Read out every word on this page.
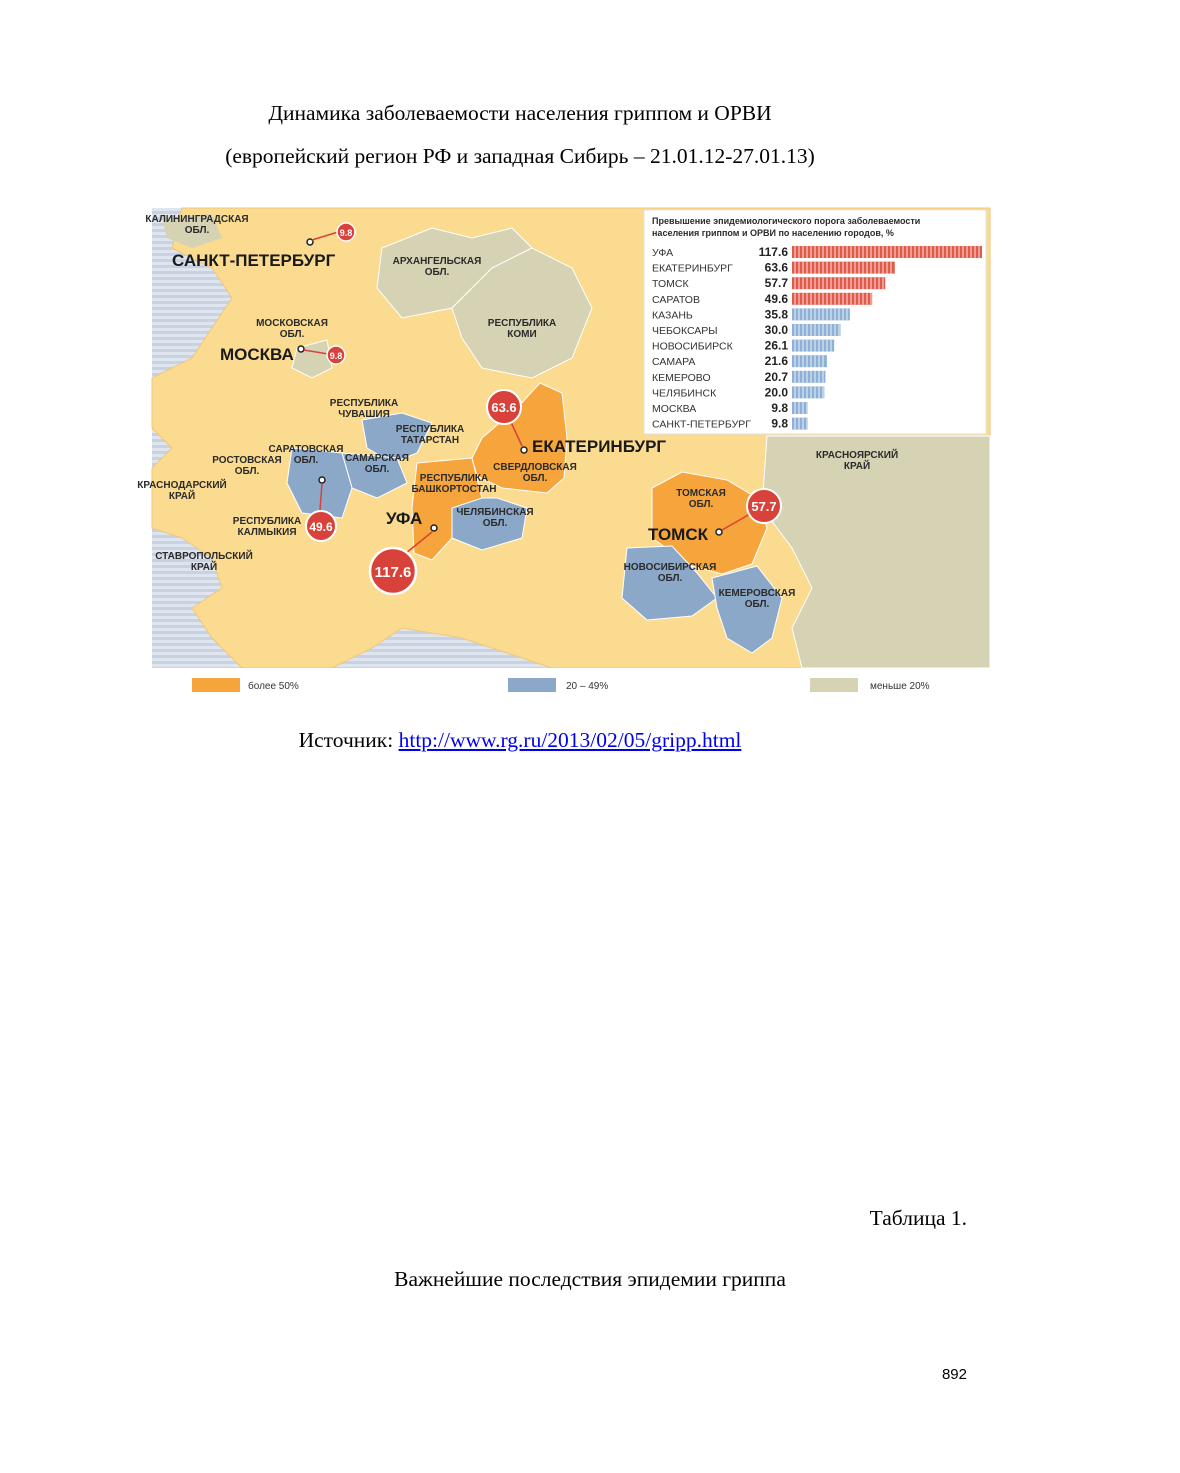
Динамика заболеваемости населения гриппом и ОРВИ
(европейский регион РФ и западная Сибирь – 21.01.12-27.01.13)
КАЛИНИНГРАДСКАЯ
ОБЛ.
АРХАНГЕЛЬСКАЯ
ОБЛ.
РЕСПУБЛИКА
КОМИ
МОСКОВСКАЯ
ОБЛ.
РЕСПУБЛИКА
ЧУВАШИЯ
РЕСПУБЛИКА
ТАТАРСТАН
САРАТОВСКАЯ
ОБЛ.	САМАРСКАЯ
ОБЛ.
РОСТОВСКАЯ
ОБЛ.
КРАСНОДАРСКИЙ
КРАЙ
РЕСПУБЛИКА
КАЛМЫКИЯ
СТАВРОПОЛЬСКИЙ
КРАЙ
СВЕРДЛОВСКАЯ
ОБЛ.
РЕСПУБЛИКА
БАШКОРТОСТАН
ЧЕЛЯБИНСКАЯ
ОБЛ.
ТОМСКАЯ
ОБЛ.
НОВОСИБИРСКАЯ
ОБЛ.
КЕМЕРОВСКАЯ
ОБЛ.
КРАСНОЯРСКИЙ
КРАЙ
САНКТ-ПЕТЕРБУРГ
МОСКВА
ЕКАТЕРИНБУРГ
УФА
ТОМСК
9.8
9.8
63.6
49.6
117.6
57.7
Превышение эпидемиологического порога заболеваемости
населения гриппом и ОРВИ по населению городов, %
УФА	117.6
ЕКАТЕРИНБУРГ	63.6
ТОМСК	57.7
САРАТОВ	49.6
КАЗАНЬ	35.8
ЧЕБОКСАРЫ	30.0
НОВОСИБИРСК	26.1
САМАРА	21.6
КЕМЕРОВО	20.7
ЧЕЛЯБИНСК	20.0
МОСКВА	9.8
САНКТ-ПЕТЕРБУРГ 9.8
более 50%	20 – 49%	меньше 20%
Источник: http://www.rg.ru/2013/02/05/gripp.html
Таблица 1.
Важнейшие последствия эпидемии гриппа
892
